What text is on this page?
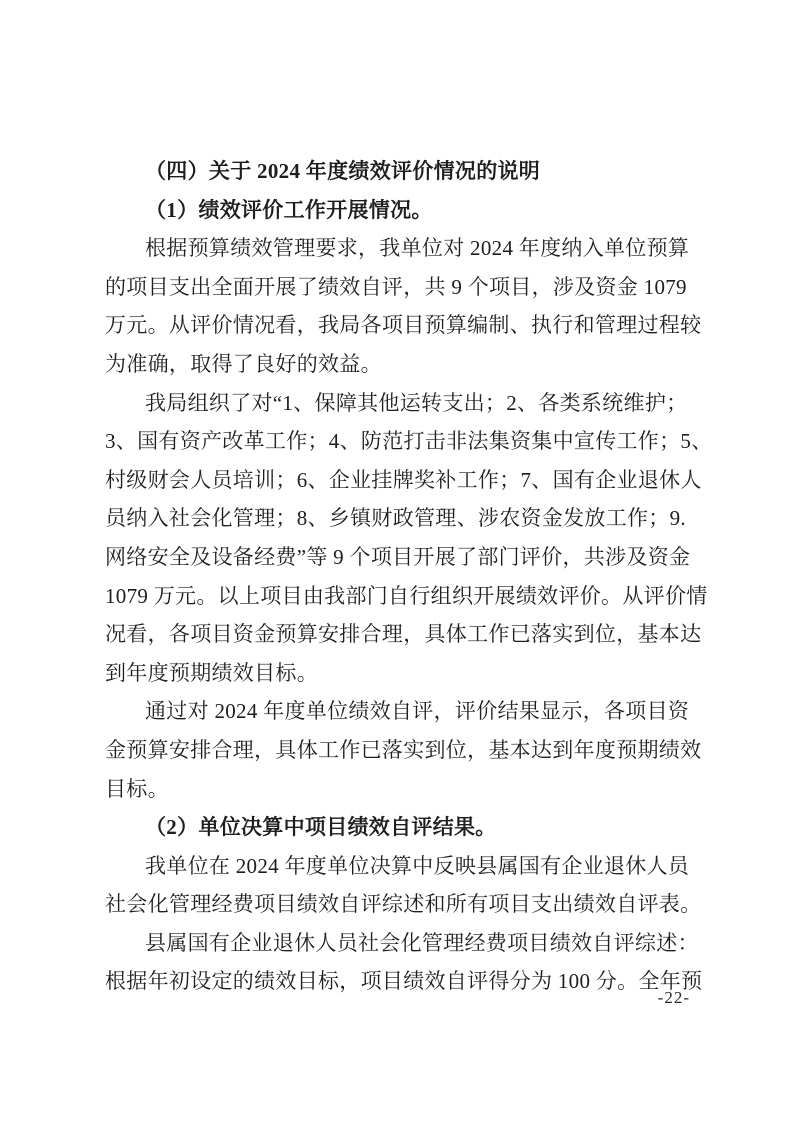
（四）关于 2024 年度绩效评价情况的说明
（1）绩效评价工作开展情况。
根据预算绩效管理要求，我单位对 2024 年度纳入单位预算
的项目支出全面开展了绩效自评，共 9 个项目，涉及资金 1079
万元。从评价情况看，我局各项目预算编制、执行和管理过程较
为准确，取得了良好的效益。
我局组织了对“1、保障其他运转支出；2、各类系统维护；
3、国有资产改革工作；4、防范打击非法集资集中宣传工作；5、
村级财会人员培训；6、企业挂牌奖补工作；7、国有企业退休人
员纳入社会化管理；8、乡镇财政管理、涉农资金发放工作；9.
网络安全及设备经费”等 9 个项目开展了部门评价，共涉及资金
1079 万元。以上项目由我部门自行组织开展绩效评价。从评价情
况看，各项目资金预算安排合理，具体工作已落实到位，基本达
到年度预期绩效目标。
通过对 2024 年度单位绩效自评，评价结果显示，各项目资
金预算安排合理，具体工作已落实到位，基本达到年度预期绩效
目标。
（2）单位决算中项目绩效自评结果。
我单位在 2024 年度单位决算中反映县属国有企业退休人员
社会化管理经费项目绩效自评综述和所有项目支出绩效自评表。
县属国有企业退休人员社会化管理经费项目绩效自评综述：
根据年初设定的绩效目标，项目绩效自评得分为 100 分。全年预
-22-
